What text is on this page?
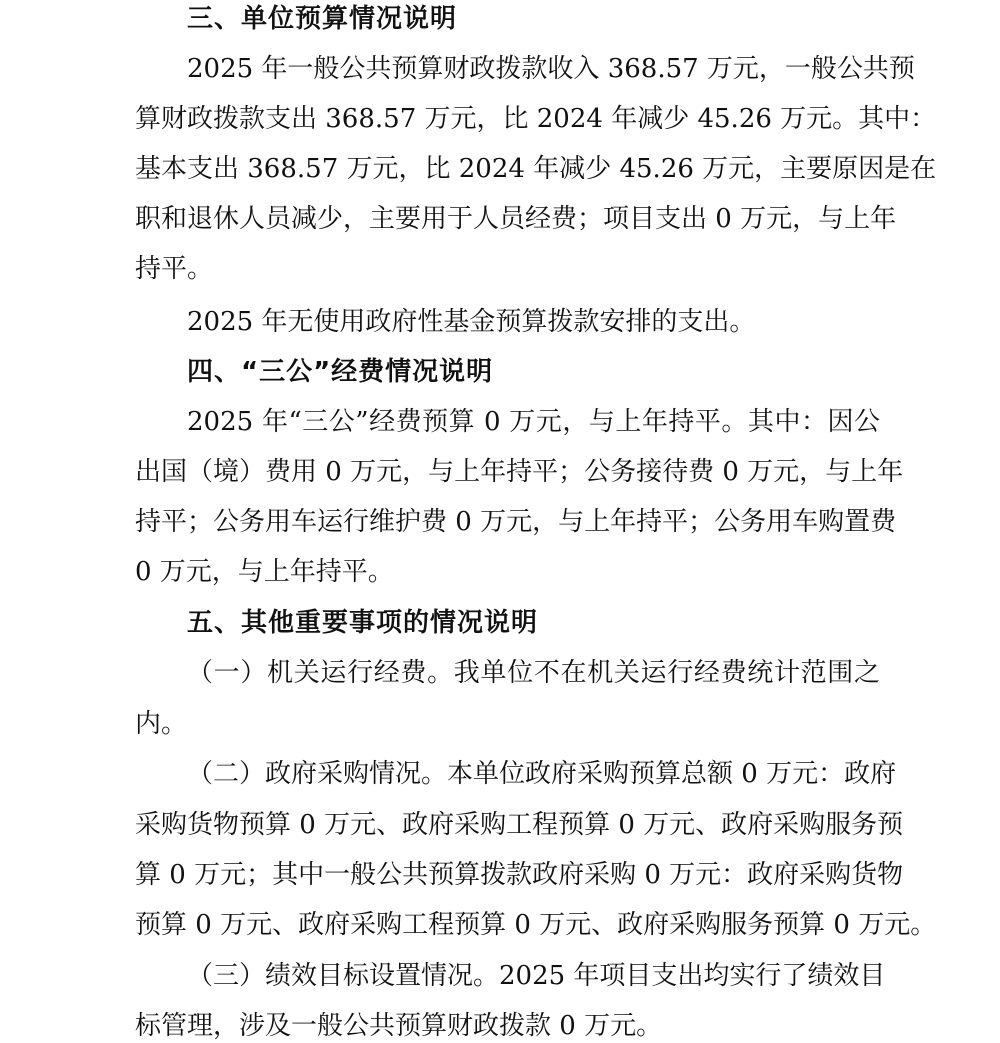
三、单位预算情况说明
2025 年一般公共预算财政拨款收入 368.57 万元，一般公共预
算财政拨款支出 368.57 万元，比 2024 年减少 45.26 万元。其中：
基本支出 368.57 万元，比 2024 年减少 45.26 万元，主要原因是在
职和退休人员减少，主要用于人员经费；项目支出 0 万元，与上年
持平。
2025 年无使用政府性基金预算拨款安排的支出。
四、“三公”经费情况说明
2025 年“三公”经费预算 0 万元，与上年持平。其中：因公
出国（境）费用 0 万元，与上年持平；公务接待费 0 万元，与上年
持平；公务用车运行维护费 0 万元，与上年持平；公务用车购置费
0 万元，与上年持平。
五、其他重要事项的情况说明
（一）机关运行经费。我单位不在机关运行经费统计范围之
内。
（二）政府采购情况。本单位政府采购预算总额 0 万元：政府
采购货物预算 0 万元、政府采购工程预算 0 万元、政府采购服务预
算 0 万元；其中一般公共预算拨款政府采购 0 万元：政府采购货物
预算 0 万元、政府采购工程预算 0 万元、政府采购服务预算 0 万元。
（三）绩效目标设置情况。2025 年项目支出均实行了绩效目
标管理，涉及一般公共预算财政拨款 0 万元。
